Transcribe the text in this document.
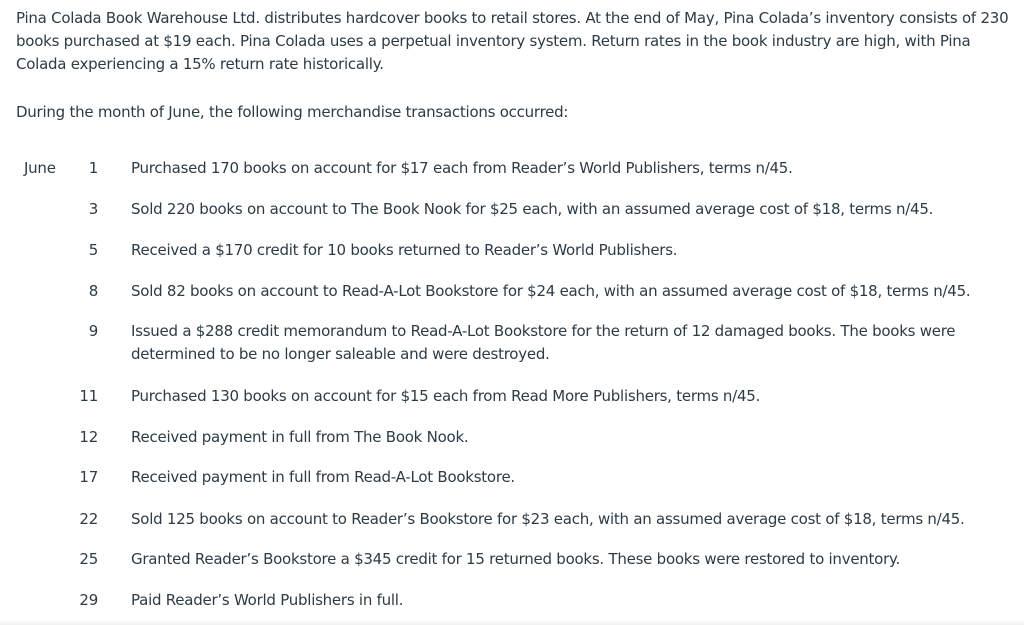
Pina Colada Book Warehouse Ltd. distributes hardcover books to retail stores. At the end of May, Pina Colada’s inventory consists of 230 books purchased at $19 each. Pina Colada uses a perpetual inventory system. Return rates in the book industry are high, with Pina Colada experiencing a 15% return rate historically.

During the month of June, the following merchandise transactions occurred:

June	1 Purchased 170 books on account for $17 each from Reader’s World Publishers, terms n/45.
3 Sold 220 books on account to The Book Nook for $25 each, with an assumed average cost of $18, terms n/45.
5 Received a $170 credit for 10 books returned to Reader’s World Publishers.
8 Sold 82 books on account to Read-A-Lot Bookstore for $24 each, with an assumed average cost of $18, terms n/45.
9 Issued a $288 credit memorandum to Read-A-Lot Bookstore for the return of 12 damaged books. The books were determined to be no longer saleable and were destroyed.
11 Purchased 130 books on account for $15 each from Read More Publishers, terms n/45.
12 Received payment in full from The Book Nook.
17 Received payment in full from Read-A-Lot Bookstore.
22 Sold 125 books on account to Reader’s Bookstore for $23 each, with an assumed average cost of $18, terms n/45.
25 Granted Reader’s Bookstore a $345 credit for 15 returned books. These books were restored to inventory.
29 Paid Reader’s World Publishers in full.
